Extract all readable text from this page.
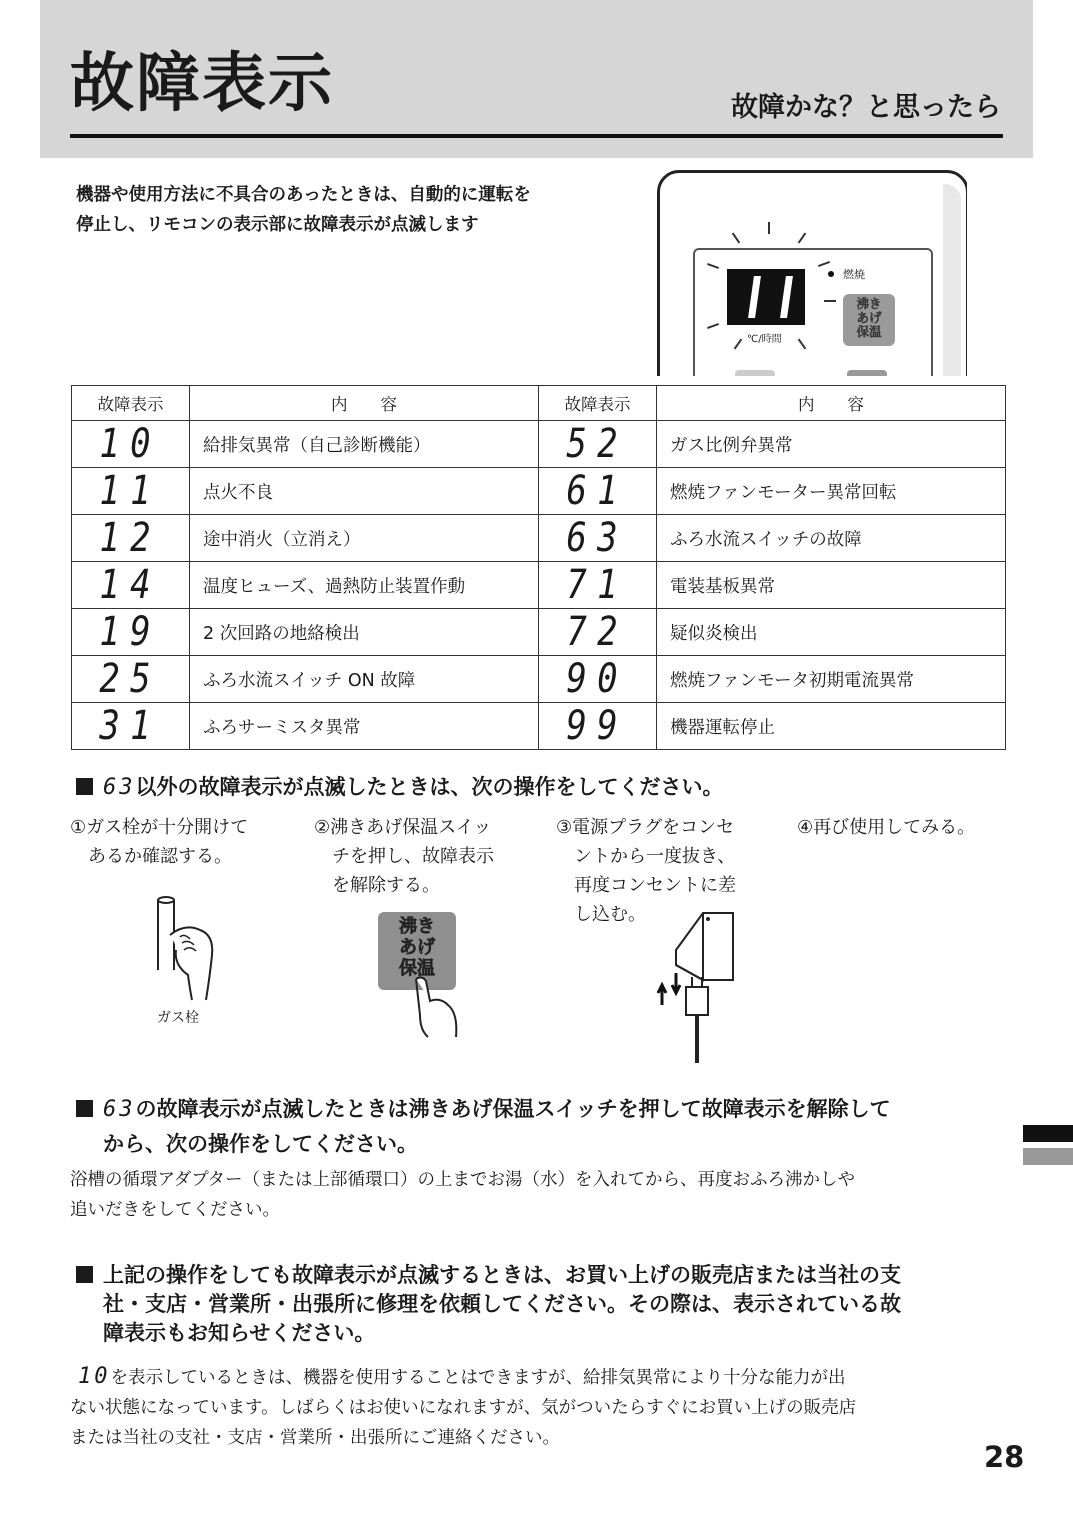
故障表示	故障かな？と思ったら
機器や使用方法に不具合のあったときは、自動的に運転を
停止し、リモコンの表示部に故障表示が点滅します
燃焼
℃/時間
沸き
あげ
保温
故障表示	内　　容	故障表示	内　　容
10	給排気異常（自己診断機能）	52	ガス比例弁異常
11	点火不良	61	燃焼ファンモーター異常回転
12	途中消火（立消え）	63	ふろ水流スイッチの故障
14	温度ヒューズ、過熱防止装置作動	71	電装基板異常
19	2 次回路の地絡検出	72	疑似炎検出
25	ふろ水流スイッチ ON 故障	90	燃焼ファンモータ初期電流異常
31	ふろサーミスタ異常	99	機器運転停止
63以外の故障表示が点滅したときは、次の操作をしてください。
①ガス栓が十分開けて
あるか確認する。
②沸きあげ保温スイッ
チを押し、故障表示
を解除する。
③電源プラグをコンセ
ントから一度抜き、
再度コンセントに差
し込む。
④再び使用してみる。
ガス栓
沸き
あげ
保温
63の故障表示が点滅したときは沸きあげ保温スイッチを押して故障表示を解除して
から、次の操作をしてください。
浴槽の循環アダプター（または上部循環口）の上までお湯（水）を入れてから、再度おふろ沸かしや
追いだきをしてください。
上記の操作をしても故障表示が点滅するときは、お買い上げの販売店または当社の支
社・支店・営業所・出張所に修理を依頼してください。その際は、表示されている故
障表示もお知らせください。
10を表示しているときは、機器を使用することはできますが、給排気異常により十分な能力が出
ない状態になっています。しばらくはお使いになれますが、気がついたらすぐにお買い上げの販売店
または当社の支社・支店・営業所・出張所にご連絡ください。
28
